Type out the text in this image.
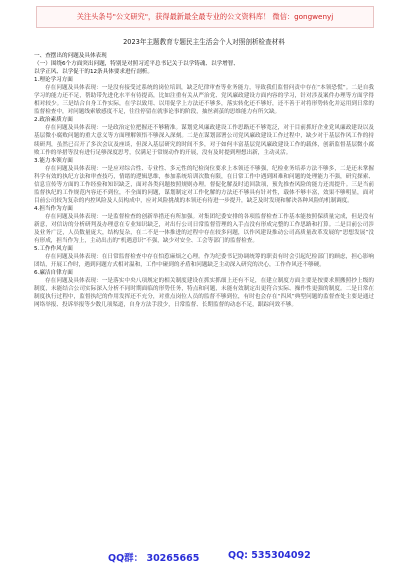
关注头条号"公文研究"，获得最新最全最专业的公文资料库！ 微信：gongwenyj
2023年主题教育专题民主生活会个人对照剖析检查材料
一、查摆出的问题及具体表现
（一）围绕6个方面突出问题，特别是对照习近平总书记关于以学铸魂、以学增智、
以学正风、以学促干的12条具体要求进行剖析。
1.理论学习方面

存在问题及具体表现：一是没有接受过系统的岗位培训，缺乏纪律审查等业务能力，导致我们监督问责中存在“本领恐慌”。二是自我学习的能力还不足，帮助带先进化水平有待提高，比如注重有关从严治党、党风廉政建设方面内容的学习，针对涉及案件办理等方面学得相对较少。三是结合自身工作实际，在学以致用、以用促学上方法还不够多，落实转化还不够好，还不善于对将形势转化并运用到日常的监督检查中，对问题线索敏感度不足，往往停留在就事论事的阶段，抽丝剥茧的思维能力有所欠缺。

2.政治素质方面

存在问题及具体表现：一是政治定位把握还不够精准。谋划党风廉政建设工作思路还不够宽泛，对于目前抓好企业党风廉政建设以及基层微小腐败问题的重大意义等方面理解领悟不够深入深刻。二是在谋划部署公司党风廉政建设工作过程中，缺少对于基层作风工作的持续研判，虽然已召开了多次会议及座谈，但深入基层研究的时间不多，对于如何丰富基层党风廉政建设工作的载体，创新监督基层微小腐败工作的举措等没有进行足够深度思考，仅满足于常规动作的开展，没有及时提到理想出新，主动灵活。

3.能力本领方面

存在问题及具体表现：一是应对综合性、专业性、多元性的纪检岗位要求上本领还不够强，纪检业务培养方法不够多，二是还未掌握科学有效的执纪方法和审查技巧，情绪的逻辑思维，参加系统培训次数有限，在日常工作中遇到困难和问题的处理能力不强，研究探索、信息宣传等方面的工作经验和知识缺乏，面对各类问题按照规则办理。督促化解及时追回款项，预先推查风险的能力还需提升。三是当前监督执纪的工作规范内容还不到位，不全面的问题，谋划制定对工作化解的方法还不够具有针对性，载体不够丰富，效果不够明显，面对目前公司较为复杂的内控风险及人员构成中，应对风险挑战的本领还有待进一步提升，缺乏及时发现和解决各种风险的机制调度。

4.担当作为方面

存在问题及具体表现：一是监督检查的创新举措还有所加强。对集团纪委安排的各项监督检查工作基本能按照保质量完成，但是没有新意，对信访的分析研判及办理意在专业知识缺乏，对出行公司日常监督管理的入手点没有形成完整的工作思路和打算。二是目前公司涉及业务广泛，人员数量庞大，结构复杂，在二不是一体推进的过程中存在较多问题，以作风建设推动公司高质量改革发展的“思想发展”没有形成，担当作为上，主动出击的“机遇意识”不强，缺少对安全、工会等部门的监督检查。

5.工作作风方面

存在问题及具体表现：在日常监督检查中存在怕惹麻烦之心理。作为纪委书记协调统筹的职责有时会引起纪检部门的顾虑，担心影响团结，开展工作时，遇到问题方式相对温和，工作中碰到的矛盾和问题缺乏主动深入研究的决心，工作作风还不够硬。

6.廉洁自律方面

存在问题及具体表现：一是落实中央八项规定的相关制度建设在抓实抓细上还有不足，在建立制度方面主要是按要求照搬照抄上级的制度，未能结合公司实际深入分析不同时期面临的形势任务，特点和问题，未能有效制定出更符合实际、操作性更强的制度。二是日常在制度执行过程中，监督执纪的作用发挥还不充分，对重点岗位人员的监督不够到位，有时也会存在“四风”典型问题的监督查处主要是通过网络举报、投诉举报等少数几项渠道，自身方法手段少，日常监督、长期监督的动态不足，跟踪问效不够。

QQ群： 30265665	QQ: 535304092
